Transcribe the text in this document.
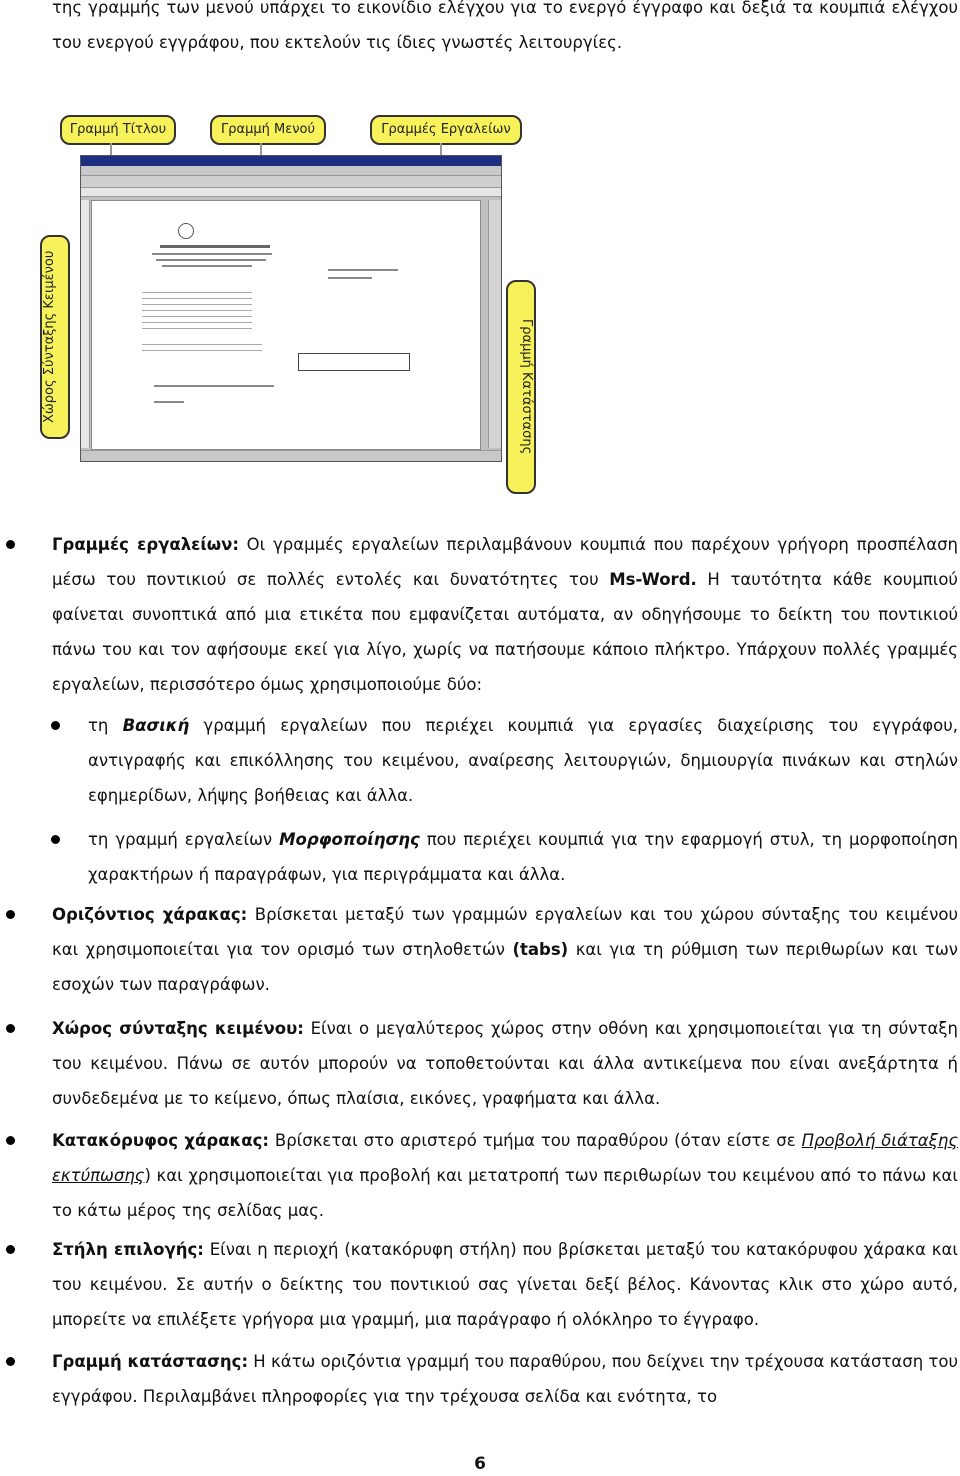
της γραμμής των μενού υπάρχει το εικονίδιο ελέγχου για το ενεργό έγγραφο και δεξιά τα κουμπιά ελέγχου του ενεργού εγγράφου, που εκτελούν τις ίδιες γνωστές λειτουργίες.
Γραμμή Τίτλου	Γραμμή Μενού	Γραμμές Εργαλείων
Χώρος Σύνταξης Κειμένου	Γραμμή Κατάστασης
Γραμμές εργαλείων: Οι γραμμές εργαλείων περιλαμβάνουν κουμπιά που παρέχουν γρήγορη προσπέλαση μέσω του ποντικιού σε πολλές εντολές και δυνατότητες του Ms-Word. Η ταυτότητα κάθε κουμπιού φαίνεται συνοπτικά από μια ετικέτα που εμφανίζεται αυτόματα, αν οδηγήσουμε το δείκτη του ποντικιού πάνω του και τον αφήσουμε εκεί για λίγο, χωρίς να πατήσουμε κάποιο πλήκτρο. Υπάρχουν πολλές γραμμές εργαλείων, περισσότερο όμως χρησιμοποιούμε δύο:
τη Βασική γραμμή εργαλείων που περιέχει κουμπιά για εργασίες διαχείρισης του εγγράφου, αντιγραφής και επικόλλησης του κειμένου, αναίρεσης λειτουργιών, δημιουργία πινάκων και στηλών εφημερίδων, λήψης βοήθειας και άλλα.
τη γραμμή εργαλείων Μορφοποίησης που περιέχει κουμπιά για την εφαρμογή στυλ, τη μορφοποίηση χαρακτήρων ή παραγράφων, για περιγράμματα και άλλα.
Οριζόντιος χάρακας: Βρίσκεται μεταξύ των γραμμών εργαλείων και του χώρου σύνταξης του κειμένου και χρησιμοποιείται για τον ορισμό των στηλοθετών (tabs) και για τη ρύθμιση των περιθωρίων και των εσοχών των παραγράφων.
Χώρος σύνταξης κειμένου: Είναι ο μεγαλύτερος χώρος στην οθόνη και χρησιμοποιείται για τη σύνταξη του κειμένου. Πάνω σε αυτόν μπορούν να τοποθετούνται και άλλα αντικείμενα που είναι ανεξάρτητα ή συνδεδεμένα με το κείμενο, όπως πλαίσια, εικόνες, γραφήματα και άλλα.
Κατακόρυφος χάρακας: Βρίσκεται στο αριστερό τμήμα του παραθύρου (όταν είστε σε Προβολή διάταξης εκτύπωσης) και χρησιμοποιείται για προβολή και μετατροπή των περιθωρίων του κειμένου από το πάνω και το κάτω μέρος της σελίδας μας.
Στήλη επιλογής: Είναι η περιοχή (κατακόρυφη στήλη) που βρίσκεται μεταξύ του κατακόρυφου χάρακα και του κειμένου. Σε αυτήν ο δείκτης του ποντικιού σας γίνεται δεξί βέλος. Κάνοντας κλικ στο χώρο αυτό, μπορείτε να επιλέξετε γρήγορα μια γραμμή, μια παράγραφο ή ολόκληρο το έγγραφο.
Γραμμή κατάστασης: Η κάτω οριζόντια γραμμή του παραθύρου, που δείχνει την τρέχουσα κατάσταση του εγγράφου. Περιλαμβάνει πληροφορίες για την τρέχουσα σελίδα και ενότητα, το
6
